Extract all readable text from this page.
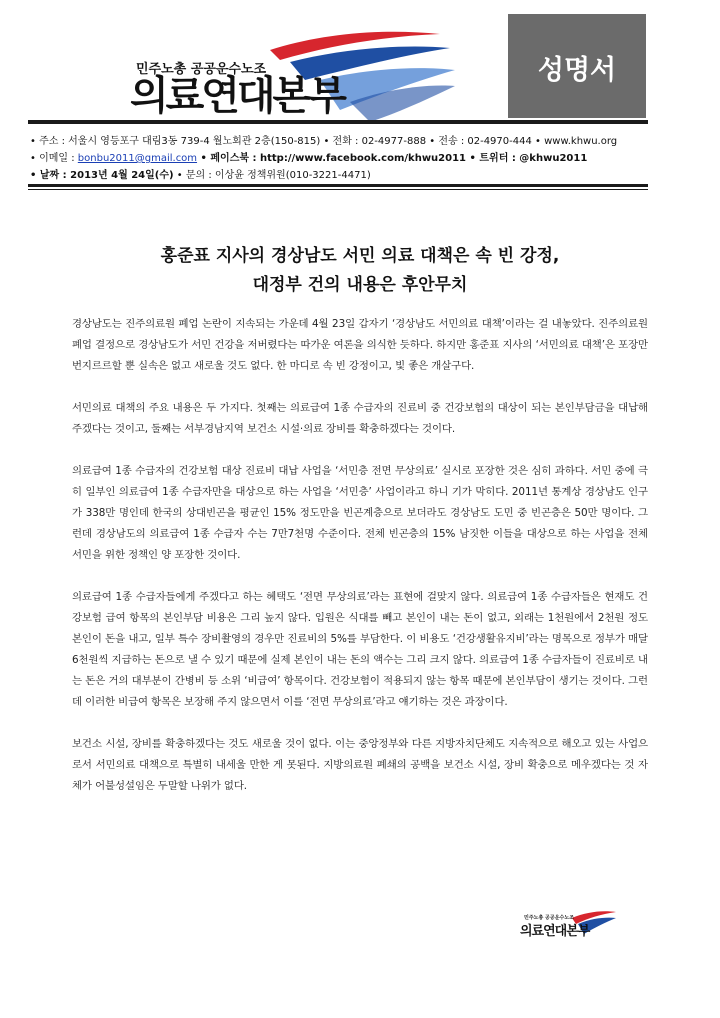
민주노총 공공운수노조
의료연대본부
성명서
• 주소 : 서울시 영등포구 대림3동 739-4 월노회관 2층(150-815) • 전화 : 02-4977-888 • 전송 : 02-4970-444 • www.khwu.org
• 이메일 : bonbu2011@gmail.com • 페이스북 : http://www.facebook.com/khwu2011 • 트위터 : @khwu2011
• 날짜 : 2013년 4월 24일(수) • 문의 : 이상윤 정책위원(010-3221-4471)
홍준표 지사의 경상남도 서민 의료 대책은 속 빈 강정,
대정부 건의 내용은 후안무치

경상남도는 진주의료원 폐업 논란이 지속되는 가운데 4월 23일 갑자기 ‘경상남도 서민의료 대책’이라는 걸 내놓았다. 진주의료원 폐업 결정으로 경상남도가 서민 건강을 저버렸다는 따가운 여론을 의식한 듯하다. 하지만 홍준표 지사의 ‘서민의료 대책’은 포장만 번지르르할 뿐 실속은 없고 새로울 것도 없다. 한 마디로 속 빈 강정이고, 빛 좋은 개살구다.

서민의료 대책의 주요 내용은 두 가지다. 첫째는 의료급여 1종 수급자의 진료비 중 건강보험의 대상이 되는 본인부담금을 대납해주겠다는 것이고, 둘째는 서부경남지역 보건소 시설·의료 장비를 확충하겠다는 것이다.

의료급여 1종 수급자의 건강보험 대상 진료비 대납 사업을 ‘서민층 전면 무상의료’ 실시로 포장한 것은 심히 과하다. 서민 중에 극히 일부인 의료급여 1종 수급자만을 대상으로 하는 사업을 ‘서민층’ 사업이라고 하니 기가 막히다. 2011년 통계상 경상남도 인구가 338만 명인데 한국의 상대빈곤을 평균인 15% 정도만을 빈곤계층으로 보더라도 경상남도 도민 중 빈곤층은 50만 명이다. 그런데 경상남도의 의료급여 1종 수급자 수는 7만7천명 수준이다. 전체 빈곤층의 15% 남짓한 이들을 대상으로 하는 사업을 전체 서민을 위한 정책인 양 포장한 것이다.

의료급여 1종 수급자들에게 주겠다고 하는 혜택도 ‘전면 무상의료’라는 표현에 걸맞지 않다. 의료급여 1종 수급자들은 현재도 건강보험 급여 항목의 본인부담 비용은 그리 높지 않다. 입원은 식대를 빼고 본인이 내는 돈이 없고, 외래는 1천원에서 2천원 정도 본인이 돈을 내고, 일부 특수 장비촬영의 경우만 진료비의 5%를 부담한다. 이 비용도 ‘건강생활유지비’라는 명목으로 정부가 매달 6천원씩 지급하는 돈으로 낼 수 있기 때문에 실제 본인이 내는 돈의 액수는 그리 크지 않다. 의료급여 1종 수급자들이 진료비로 내는 돈은 거의 대부분이 간병비 등 소위 ‘비급여’ 항목이다. 건강보험이 적용되지 않는 항목 때문에 본인부담이 생기는 것이다. 그런데 이러한 비급여 항목은 보장해 주지 않으면서 이를 ‘전면 무상의료’라고 얘기하는 것은 과장이다.

보건소 시설, 장비를 확충하겠다는 것도 새로울 것이 없다. 이는 중앙정부와 다른 지방자치단체도 지속적으로 해오고 있는 사업으로서 서민의료 대책으로 특별히 내세울 만한 게 못된다. 지방의료원 폐쇄의 공백을 보건소 시설, 장비 확충으로 메우겠다는 것 자체가 어불성설임은 두말할 나위가 없다.

민주노총 공공운수노조
의료연대본부
